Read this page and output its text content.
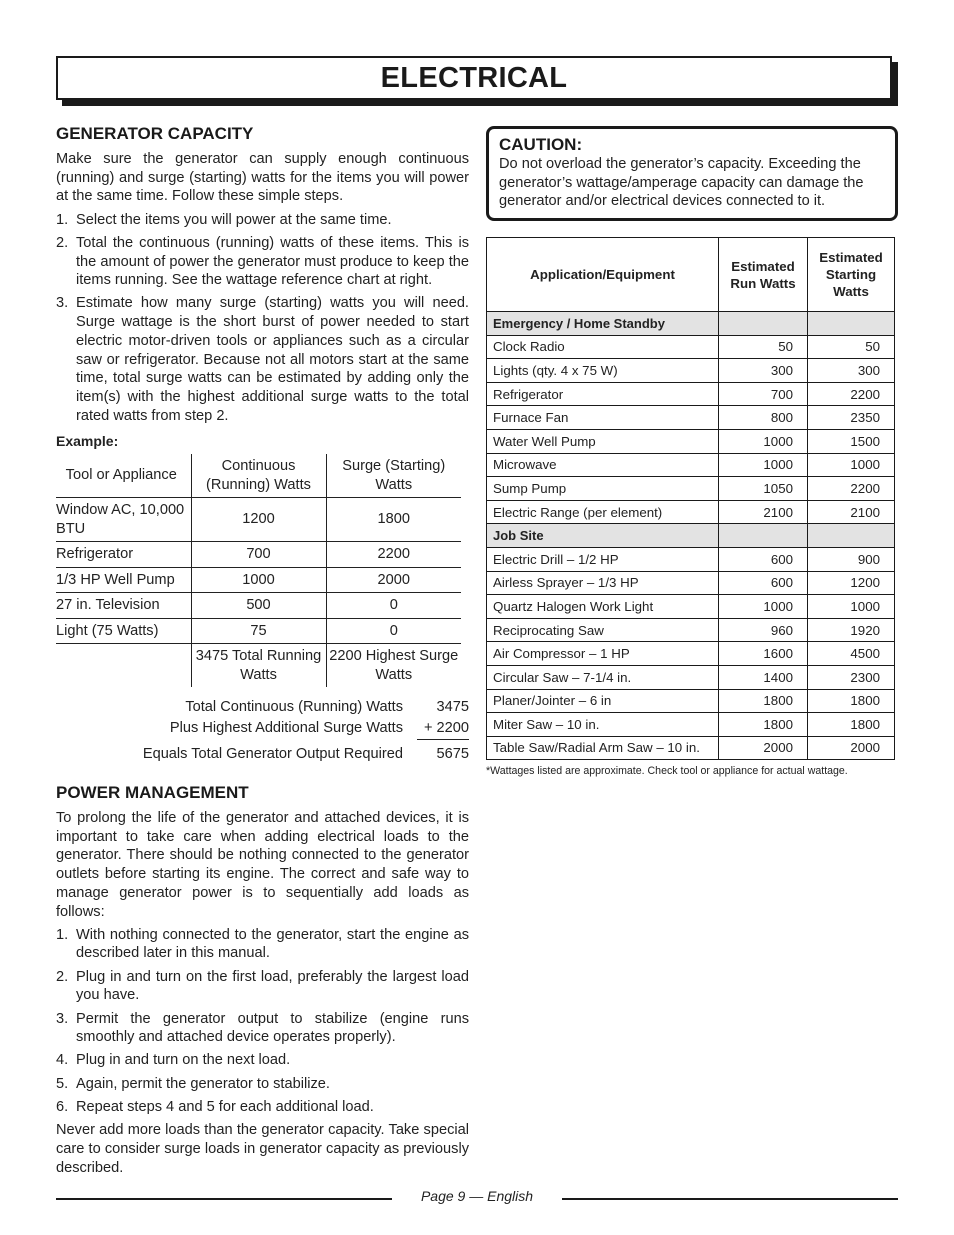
ELECTRICAL
GENERATOR CAPACITY

Make sure the generator can supply enough continuous (running) and surge (starting) watts for the items you will power at the same time. Follow these simple steps.

1. Select the items you will power at the same time.
2. Total the continuous (running) watts of these items. This is the amount of power the generator must produce to keep the items running. See the wattage reference chart at right.
3. Estimate how many surge (starting) watts you will need. Surge wattage is the short burst of power needed to start electric motor-driven tools or appliances such as a circular saw or refrigerator. Because not all motors start at the same time, total surge watts can be estimated by adding only the item(s) with the highest additional surge watts to the total rated watts from step 2.
Example:
Tool or Appliance	Continuous (Running) Watts	Surge (Starting) Watts
Window AC, 10,000 BTU	1200	1800
Refrigerator	700	2200
1/3 HP Well Pump	1000	2000
27 in. Television	500	0
Light (75 Watts)	75	0
	3475 Total Running Watts	2200 Highest Surge Watts
Total Continuous (Running) Watts	3475
Plus Highest Additional Surge Watts	+ 2200
Equals Total Generator Output Required	5675
POWER MANAGEMENT

To prolong the life of the generator and attached devices, it is important to take care when adding electrical loads to the generator. There should be nothing connected to the generator outlets before starting its engine. The correct and safe way to manage generator power is to sequentially add loads as follows:

1. With nothing connected to the generator, start the engine as described later in this manual.
2. Plug in and turn on the first load, preferably the largest load you have.
3. Permit the generator output to stabilize (engine runs smoothly and attached device operates properly).
4. Plug in and turn on the next load.
5. Again, permit the generator to stabilize.
6. Repeat steps 4 and 5 for each additional load.

Never add more loads than the generator capacity. Take special care to consider surge loads in generator capacity as previously described.

CAUTION:

Do not overload the generator’s capacity. Exceeding the generator’s wattage/amperage capacity can damage the generator and/or electrical devices connected to it.

Application/Equipment	Estimated Run Watts	Estimated Starting Watts
Emergency / Home Standby		
Clock Radio	50	50
Lights (qty. 4 x 75 W)	300	300
Refrigerator	700	2200
Furnace Fan	800	2350
Water Well Pump	1000	1500
Microwave	1000	1000
Sump Pump	1050	2200
Electric Range (per element)	2100	2100
Job Site		
Electric Drill – 1/2 HP	600	900
Airless Sprayer – 1/3 HP	600	1200
Quartz Halogen Work Light	1000	1000
Reciprocating Saw	960	1920
Air Compressor – 1 HP	1600	4500
Circular Saw – 7-1/4 in.	1400	2300
Planer/Jointer – 6 in	1800	1800
Miter Saw – 10 in.	1800	1800
Table Saw/Radial Arm Saw – 10 in.	2000	2000
*Wattages listed are approximate. Check tool or appliance for actual wattage.
Page 9 — English
